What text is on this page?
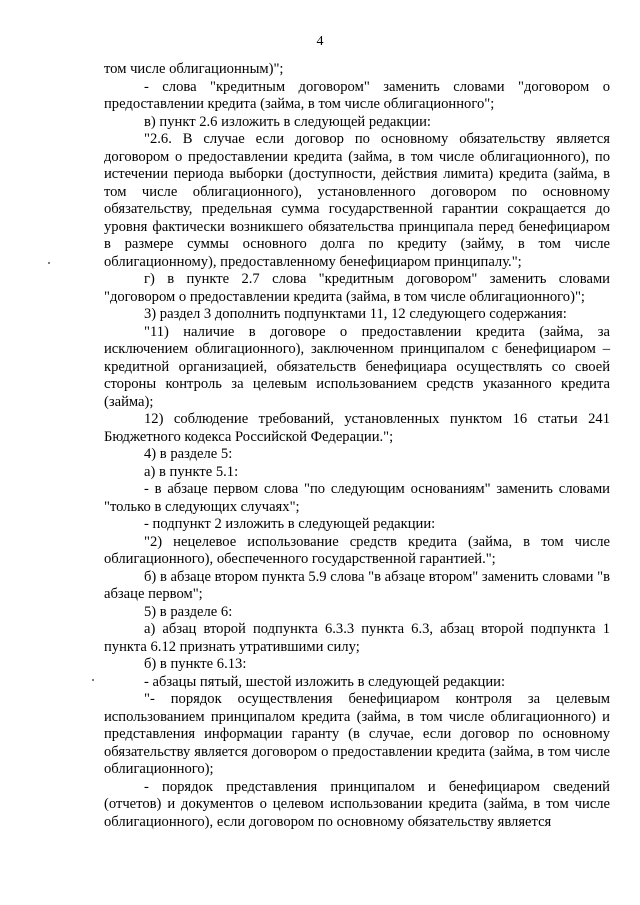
4

том числе облигационным)";

- слова "кредитным договором" заменить словами "договором о предоставлении кредита (займа, в том числе облигационного";

в) пункт 2.6 изложить в следующей редакции:

"2.6. В случае если договор по основному обязательству является договором о предоставлении кредита (займа, в том числе облигационного), по истечении периода выборки (доступности, действия лимита) кредита (займа, в том числе облигационного), установленного договором по основному обязательству, предельная сумма государственной гарантии сокращается до уровня фактически возникшего обязательства принципала перед бенефициаром в размере суммы основного долга по кредиту (займу, в том числе облигационному), предоставленному бенефициаром принципалу.";

г) в пункте 2.7 слова "кредитным договором" заменить словами "договором о предоставлении кредита (займа, в том числе облигационного)";

3) раздел 3 дополнить подпунктами 11, 12 следующего содержания:

"11) наличие в договоре о предоставлении кредита (займа, за исключением облигационного), заключенном принципалом с бенефициаром – кредитной организацией, обязательств бенефициара осуществлять со своей стороны контроль за целевым использованием средств указанного кредита (займа);

12) соблюдение требований, установленных пунктом 16 статьи 241 Бюджетного кодекса Российской Федерации.";

4) в разделе 5:

а) в пункте 5.1:

- в абзаце первом слова "по следующим основаниям" заменить словами "только в следующих случаях";

- подпункт 2 изложить в следующей редакции:

"2) нецелевое использование средств кредита (займа, в том числе облигационного), обеспеченного государственной гарантией.";

б) в абзаце втором пункта 5.9 слова "в абзаце втором" заменить словами "в абзаце первом";

5) в разделе 6:

а) абзац второй подпункта 6.3.3 пункта 6.3, абзац второй подпункта 1 пункта 6.12 признать утратившими силу;

б) в пункте 6.13:

- абзацы пятый, шестой изложить в следующей редакции:

"- порядок осуществления бенефициаром контроля за целевым использованием принципалом кредита (займа, в том числе облигационного) и представления информации гаранту (в случае, если договор по основному обязательству является договором о предоставлении кредита (займа, в том числе облигационного);

- порядок представления принципалом и бенефициаром сведений (отчетов) и документов о целевом использовании кредита (займа, в том числе облигационного), если договором по основному обязательству является
